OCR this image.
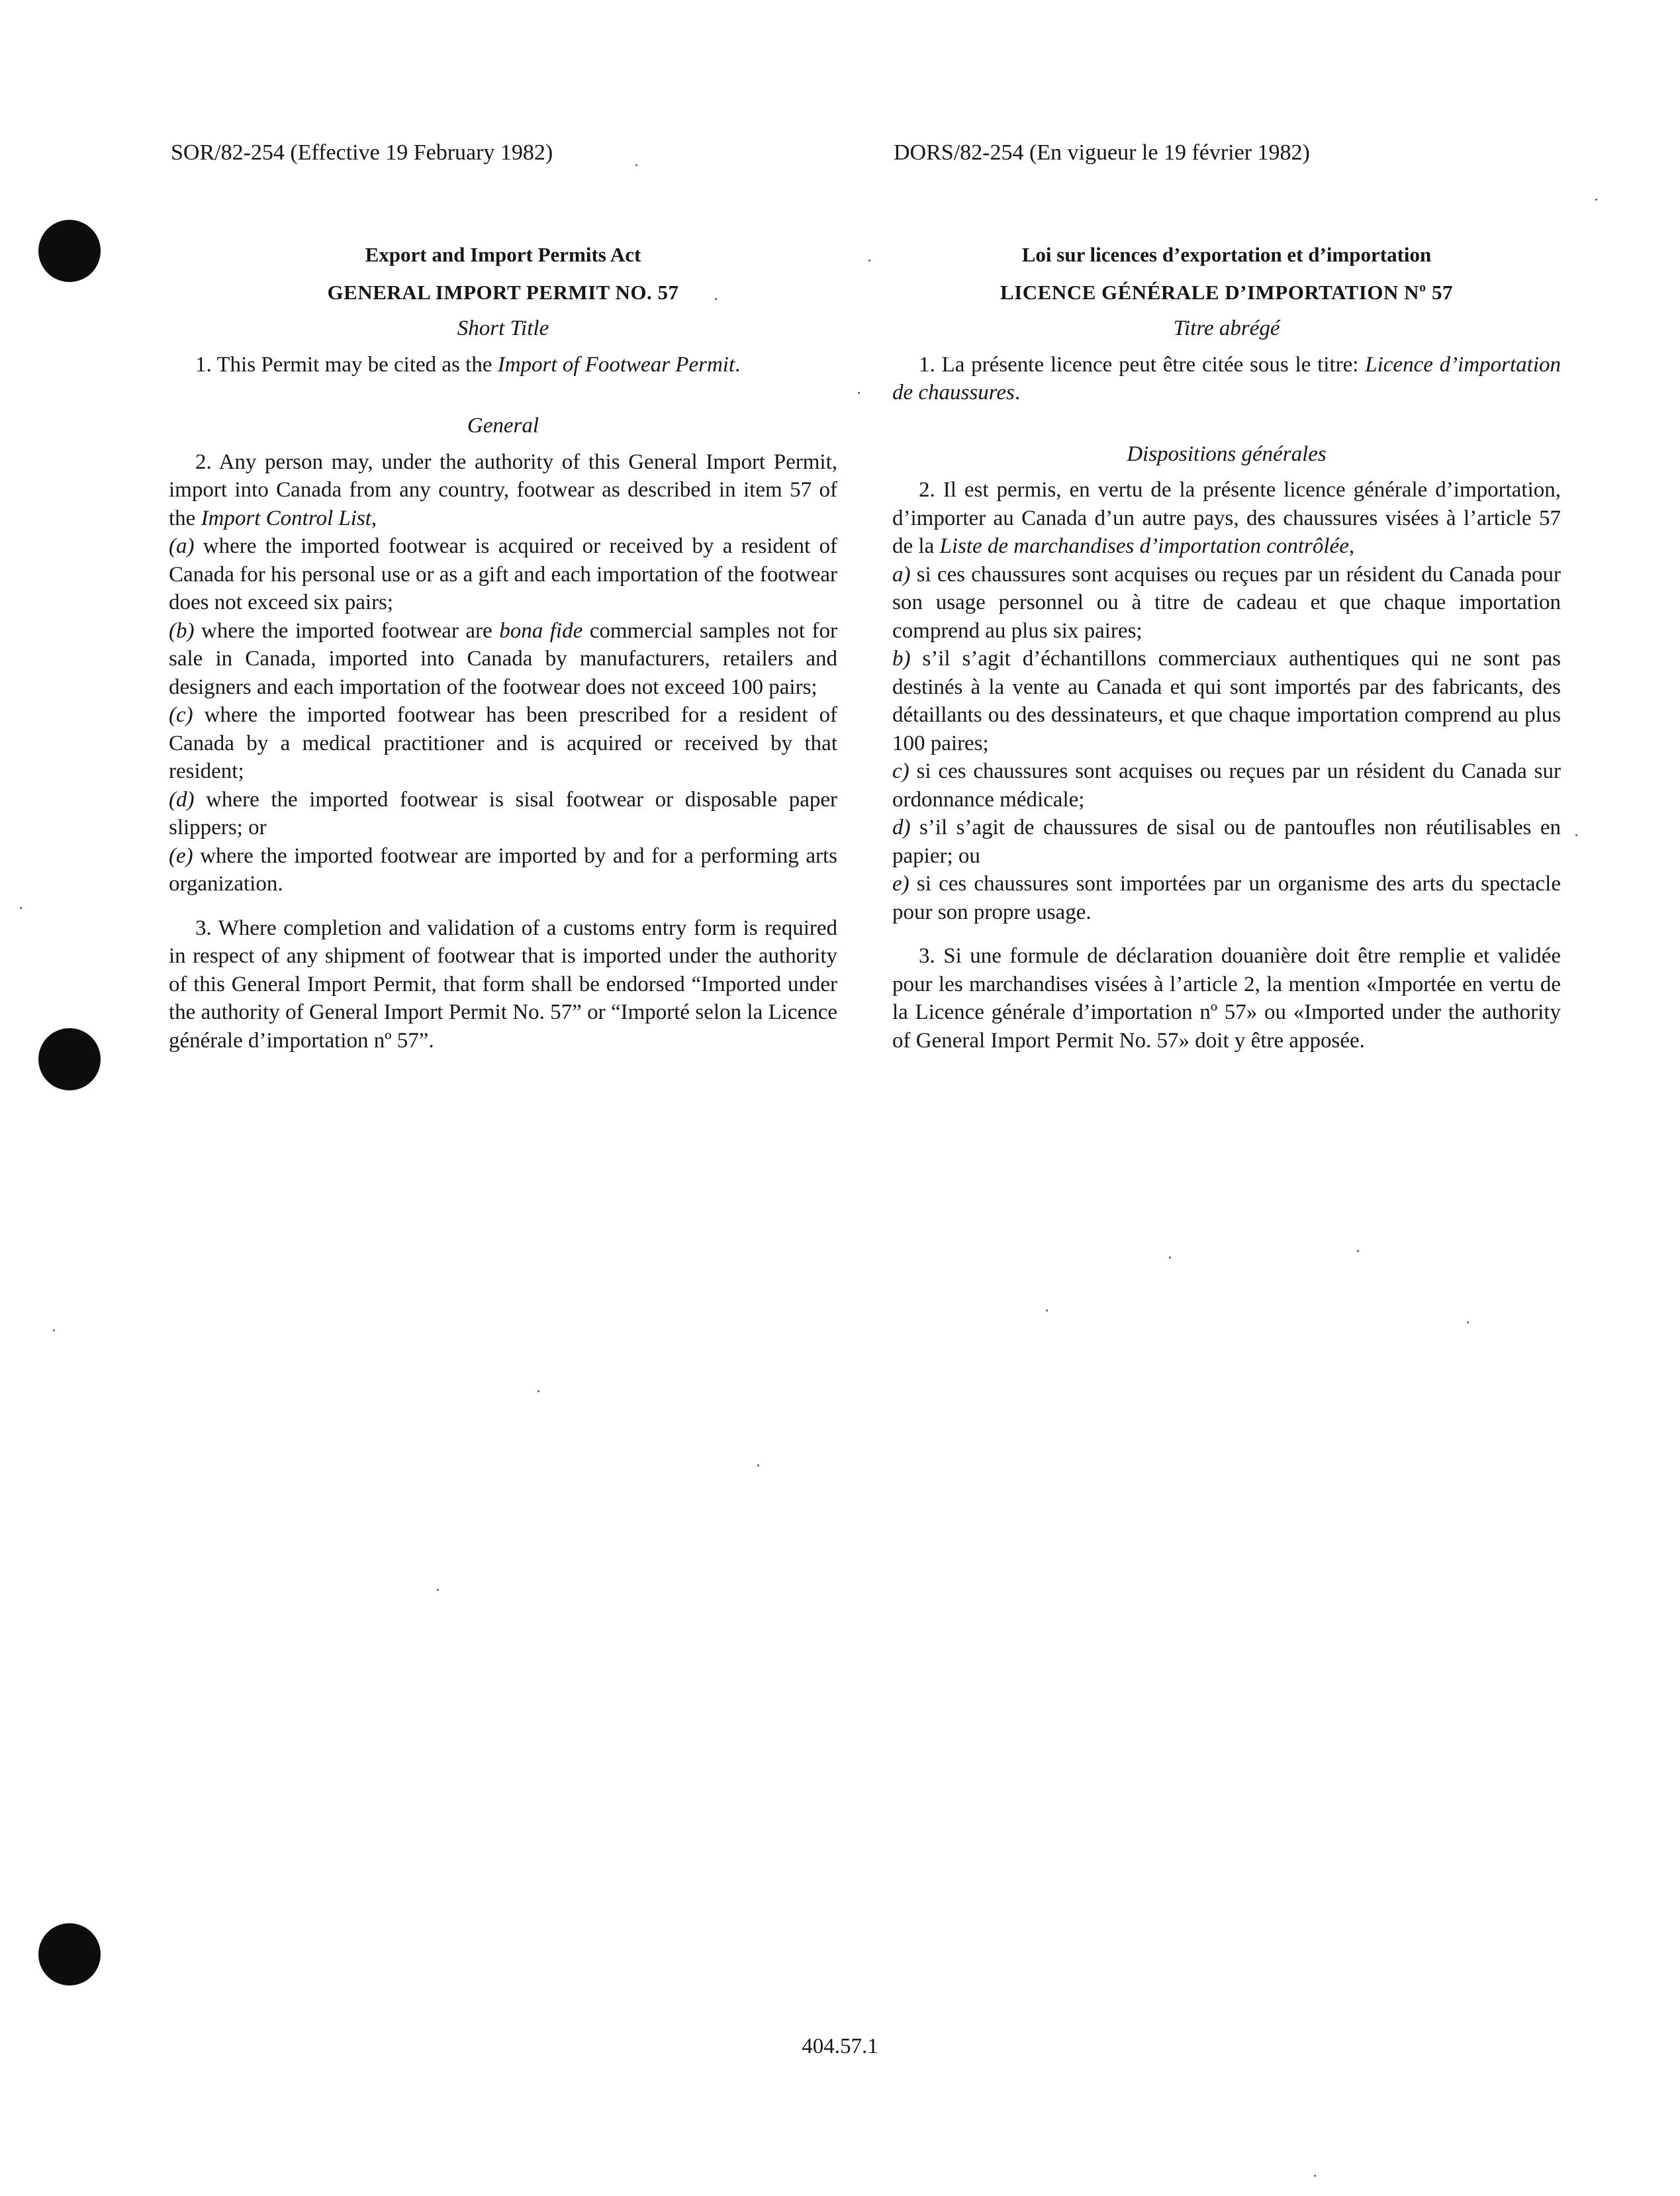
SOR/82-254 (Effective 19 February 1982)	DORS/82-254 (En vigueur le 19 février 1982)
Export and Import Permits Act
GENERAL IMPORT PERMIT NO. 57
Short Title

1. This Permit may be cited as the Import of Footwear Permit.

General

2. Any person may, under the authority of this General Import Permit, import into Canada from any country, footwear as described in item 57 of the Import Control List,

(a) where the imported footwear is acquired or received by a resident of Canada for his personal use or as a gift and each importation of the footwear does not exceed six pairs;

(b) where the imported footwear are bona fide commercial samples not for sale in Canada, imported into Canada by manufacturers, retailers and designers and each importation of the footwear does not exceed 100 pairs;

(c) where the imported footwear has been prescribed for a resident of Canada by a medical practitioner and is acquired or received by that resident;

(d) where the imported footwear is sisal footwear or disposable paper slippers; or

(e) where the imported footwear are imported by and for a performing arts organization.

3. Where completion and validation of a customs entry form is required in respect of any shipment of footwear that is imported under the authority of this General Import Permit, that form shall be endorsed “Imported under the authority of General Import Permit No. 57” or “Importé selon la Licence générale d’importation nº 57”.

Loi sur licences d’exportation et d’importation
LICENCE GÉNÉRALE D’IMPORTATION Nº 57
Titre abrégé

1. La présente licence peut être citée sous le titre: Licence d’importation de chaussures.

Dispositions générales

2. Il est permis, en vertu de la présente licence générale d’importation, d’importer au Canada d’un autre pays, des chaussures visées à l’article 57 de la Liste de marchandises d’importation contrôlée,

a) si ces chaussures sont acquises ou reçues par un résident du Canada pour son usage personnel ou à titre de cadeau et que chaque importation comprend au plus six paires;

b) s’il s’agit d’échantillons commerciaux authentiques qui ne sont pas destinés à la vente au Canada et qui sont importés par des fabricants, des détaillants ou des dessinateurs, et que chaque importation comprend au plus 100 paires;

c) si ces chaussures sont acquises ou reçues par un résident du Canada sur ordonnance médicale;

d) s’il s’agit de chaussures de sisal ou de pantoufles non réutilisables en papier; ou

e) si ces chaussures sont importées par un organisme des arts du spectacle pour son propre usage.

3. Si une formule de déclaration douanière doit être remplie et validée pour les marchandises visées à l’article 2, la mention «Importée en vertu de la Licence générale d’importation nº 57» ou «Imported under the authority of General Import Permit No. 57» doit y être apposée.

404.57.1
